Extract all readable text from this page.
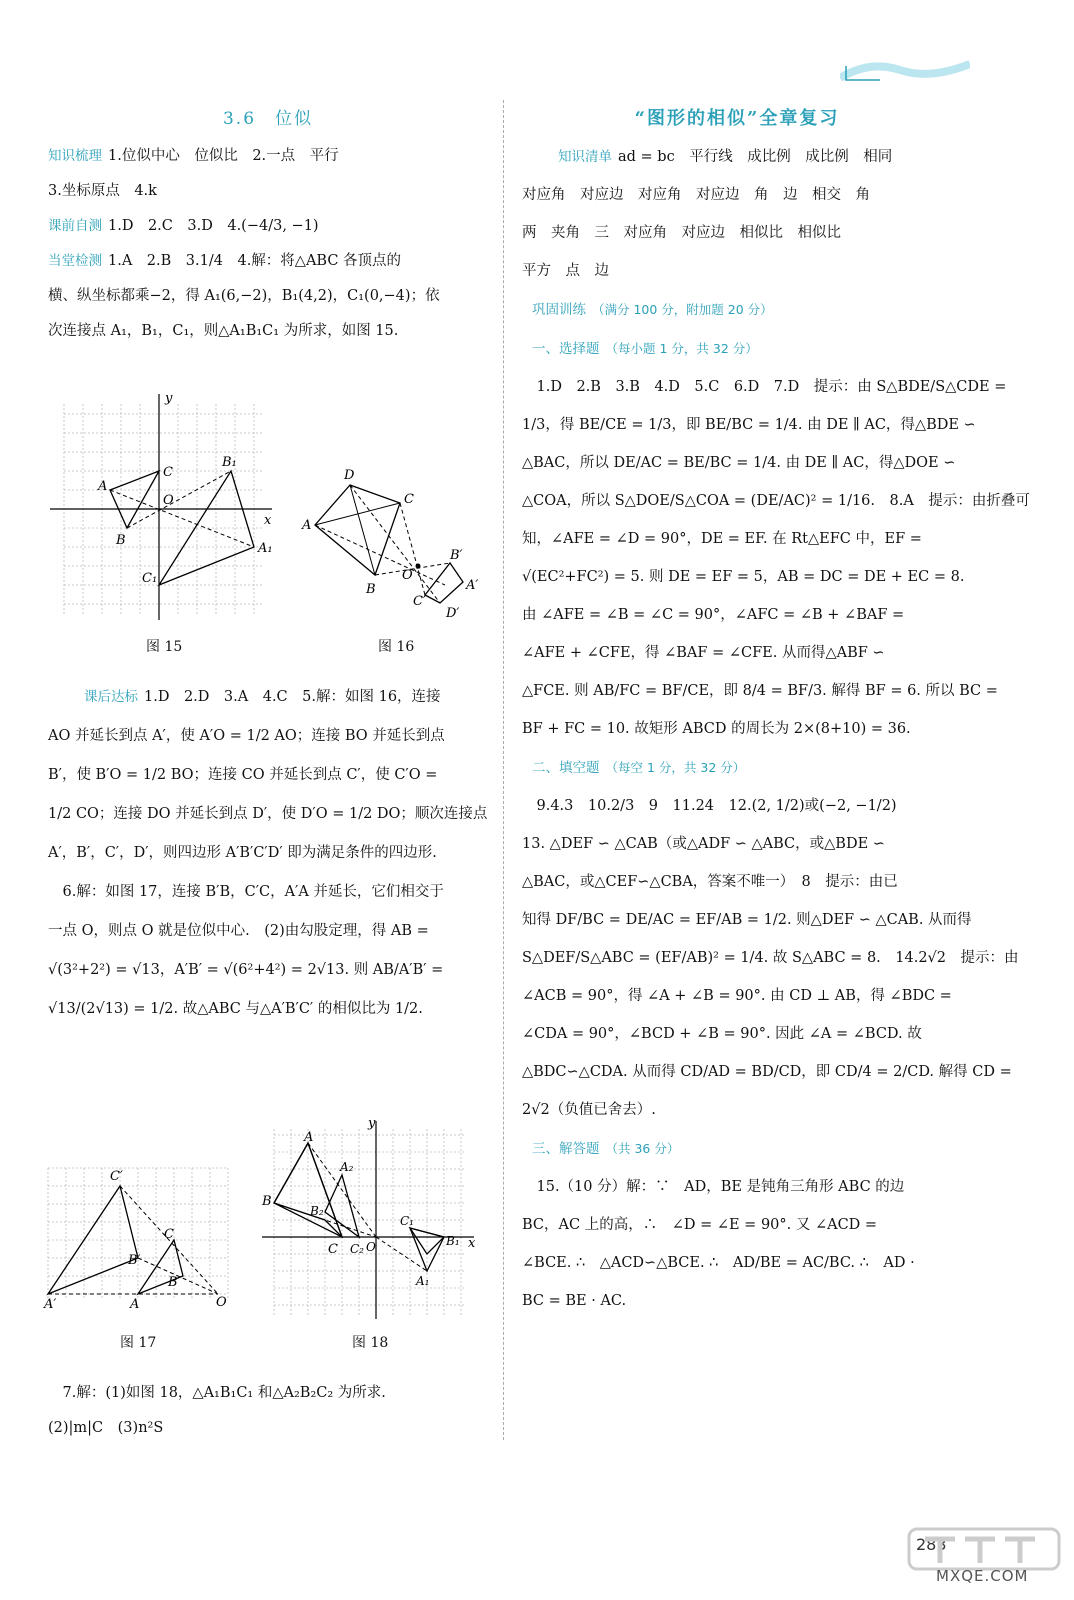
3.6　位似
知识梳理 1.位似中心　位似比　2.一点　平行
3.坐标原点　4.k
课前自测 1.D　2.C　3.D　4.(−4/3, −1)
当堂检测 1.A　2.B　3.1/4　4.解：将△ABC 各顶点的
横、纵坐标都乘−2，得 A₁(6,−2)，B₁(4,2)，C₁(0,−4)；依
次连接点 A₁，B₁，C₁，则△A₁B₁C₁ 为所求，如图 15.
y
x
A
B
C
O
B₁
A₁
C₁
图 15
D
C
A
B
O
B′
A′
C′
D′
图 16
课后达标 1.D　2.D　3.A　4.C　5.解：如图 16，连接
AO 并延长到点 A′，使 A′O = 1/2 AO；连接 BO 并延长到点
B′，使 B′O = 1/2 BO；连接 CO 并延长到点 C′，使 C′O =
1/2 CO；连接 DO 并延长到点 D′，使 D′O = 1/2 DO；顺次连接点
A′，B′，C′，D′，则四边形 A′B′C′D′ 即为满足条件的四边形.
　6.解：如图 17，连接 B′B，C′C，A′A 并延长，它们相交于
一点 O，则点 O 就是位似中心.　(2)由勾股定理，得 AB =
√(3²+2²) = √13，A′B′ = √(6²+4²) = 2√13. 则 AB/A′B′ =
√13/(2√13) = 1/2. 故△ABC 与△A′B′C′ 的相似比为 1/2.
C′
B′
C
B
A′	A	O
图 17
y
x
A
B
C
A₂
B₂
C₂ O
C₁
B₁
A₁
图 18
　7.解：(1)如图 18，△A₁B₁C₁ 和△A₂B₂C₂ 为所求.
(2)|m|C　(3)n²S
“图形的相似”全章复习
知识清单 ad = bc　平行线　成比例　成比例　相同
对应角　对应边　对应角　对应边　角　边　相交　角
两　夹角　三　对应角　对应边　相似比　相似比
平方　点　边
巩固训练 （满分 100 分，附加题 20 分）
一、选择题 （每小题 1 分，共 32 分）
　1.D　2.B　3.B　4.D　5.C　6.D　7.D　提示：由 S△BDE/S△CDE =
1/3，得 BE/CE = 1/3，即 BE/BC = 1/4. 由 DE ∥ AC，得△BDE ∽
△BAC，所以 DE/AC = BE/BC = 1/4. 由 DE ∥ AC，得△DOE ∽
△COA，所以 S△DOE/S△COA = (DE/AC)² = 1/16.　8.A　提示：由折叠可
知，∠AFE = ∠D = 90°，DE = EF. 在 Rt△EFC 中，EF =
√(EC²+FC²) = 5. 则 DE = EF = 5，AB = DC = DE + EC = 8.
由 ∠AFE = ∠B = ∠C = 90°，∠AFC = ∠B + ∠BAF =
∠AFE + ∠CFE，得 ∠BAF = ∠CFE. 从而得△ABF ∽
△FCE. 则 AB/FC = BF/CE，即 8/4 = BF/3. 解得 BF = 6. 所以 BC =
BF + FC = 10. 故矩形 ABCD 的周长为 2×(8+10) = 36.
二、填空题 （每空 1 分，共 32 分）
　9.4.3　10.2/3　9　11.24　12.(2, 1/2)或(−2, −1/2)
13. △DEF ∽ △CAB（或△ADF ∽ △ABC，或△BDE ∽
△BAC，或△CEF∽△CBA，答案不唯一）　8　提示：由已
知得 DF/BC = DE/AC = EF/AB = 1/2. 则△DEF ∽ △CAB. 从而得
S△DEF/S△ABC = (EF/AB)² = 1/4. 故 S△ABC = 8.　14.2√2　提示：由
∠ACB = 90°，得 ∠A + ∠B = 90°. 由 CD ⊥ AB，得 ∠BDC =
∠CDA = 90°，∠BCD + ∠B = 90°. 因此 ∠A = ∠BCD. 故
△BDC∽△CDA. 从而得 CD/AD = BD/CD，即 CD/4 = 2/CD. 解得 CD =
2√2（负值已舍去）.
三、解答题 （共 36 分）
　15.（10 分）解：∵　AD，BE 是钝角三角形 ABC 的边
BC，AC 上的高，∴　∠D = ∠E = 90°. 又 ∠ACD =
∠BCE. ∴　△ACD∽△BCE. ∴　AD/BE = AC/BC. ∴　AD ·
BC = BE · AC.
283
MXQE.COM
